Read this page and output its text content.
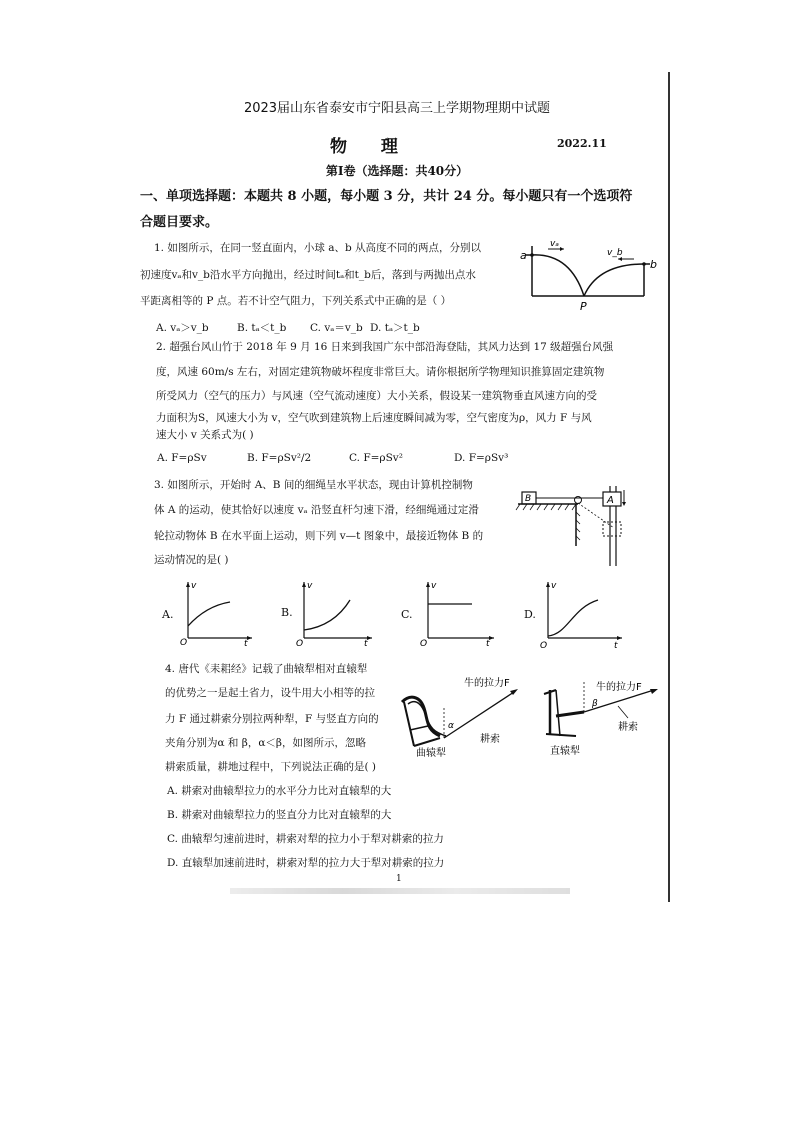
2023届山东省泰安市宁阳县高三上学期物理期中试题
物 理	2022.11
第Ⅰ卷（选择题：共40分）
一、单项选择题：本题共 8 小题，每小题 3 分，共计 24 分。每小题只有一个选项符
合题目要求。
1. 如图所示，在同一竖直面内，小球 a、b 从高度不同的两点，分别以
初速度vₐ和v_b沿水平方向抛出，经过时间tₐ和t_b后，落到与两抛出点水
平距离相等的 P 点。若不计空气阻力，下列关系式中正确的是（ ）
A. vₐ＞v_b	B. tₐ＜t_b C. vₐ＝v_b D. tₐ＞t_b
a
b
vₐ
v_b
P
2. 超强台风山竹于 2018 年 9 月 16 日来到我国广东中部沿海登陆，其风力达到 17 级超强台风强
度，风速 60m/s 左右，对固定建筑物破坏程度非常巨大。请你根据所学物理知识推算固定建筑物
所受风力（空气的压力）与风速（空气流动速度）大小关系，假设某一建筑物垂直风速方向的受
力面积为S，风速大小为 v，空气吹到建筑物上后速度瞬间减为零，空气密度为ρ，风力 F 与风
速大小 v 关系式为( )
A. F=ρSv	B. F=ρSv²/2	C. F=ρSv²	D. F=ρSv³
3. 如图所示，开始时 A、B 间的细绳呈水平状态，现由计算机控制物
体 A 的运动，使其恰好以速度 vₐ 沿竖直杆匀速下滑，经细绳通过定滑
轮拉动物体 B 在水平面上运动，则下列 v—t 图象中，最接近物体 B 的
运动情况的是( )
B	A
A.
v
t
O
B.
v
t
O
C.
v
t
O
D.
v
t
O
4. 唐代《耒耜经》记载了曲辕犁相对直辕犁
的优势之一是起土省力，设牛用大小相等的拉
力 F 通过耕索分别拉两种犁，F 与竖直方向的
夹角分别为α 和 β，α＜β，如图所示，忽略
耕索质量，耕地过程中，下列说法正确的是( )
A. 耕索对曲辕犁拉力的水平分力比对直辕犁的大
B. 耕索对曲辕犁拉力的竖直分力比对直辕犁的大
C. 曲辕犁匀速前进时，耕索对犁的拉力小于犁对耕索的拉力
D. 直辕犁加速前进时，耕索对犁的拉力大于犁对耕索的拉力
α
牛的拉力F
耕索
曲辕犁
β
牛的拉力F
耕索
直辕犁
1
